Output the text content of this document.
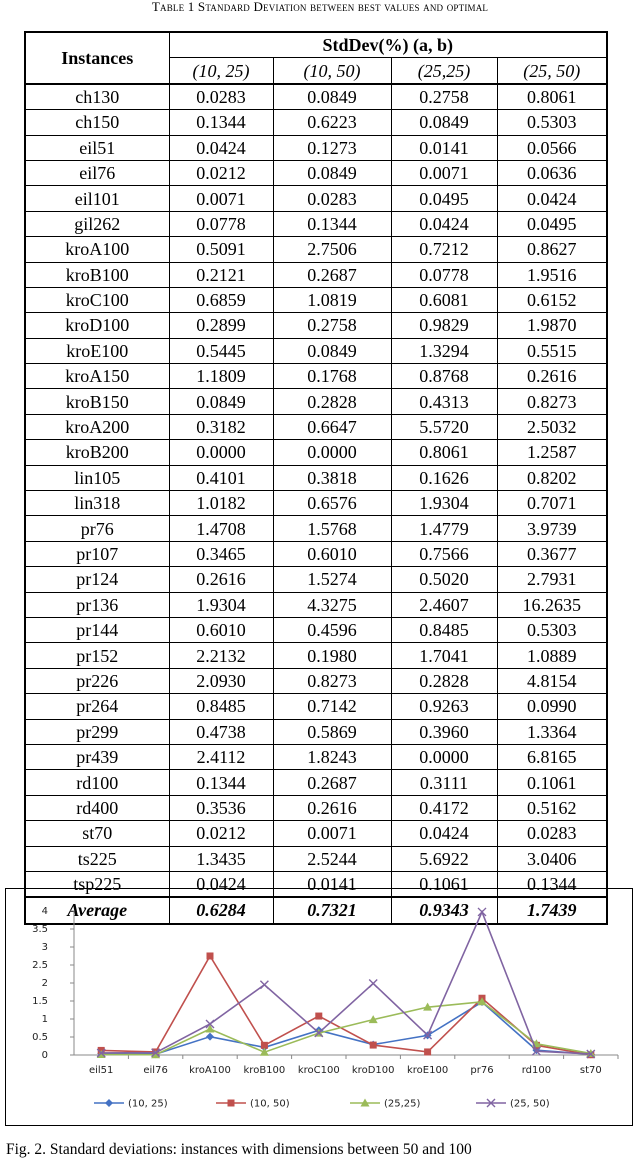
Table 1 Standard Deviation between best values and optimal
Instances	StdDev(%) (a, b)			
	(10, 25)	(10, 50)	(25,25)	(25, 50)
ch130	0.0283	0.0849	0.2758	0.8061
ch150	0.1344	0.6223	0.0849	0.5303
eil51	0.0424	0.1273	0.0141	0.0566
eil76	0.0212	0.0849	0.0071	0.0636
eil101	0.0071	0.0283	0.0495	0.0424
gil262	0.0778	0.1344	0.0424	0.0495
kroA100	0.5091	2.7506	0.7212	0.8627
kroB100	0.2121	0.2687	0.0778	1.9516
kroC100	0.6859	1.0819	0.6081	0.6152
kroD100	0.2899	0.2758	0.9829	1.9870
kroE100	0.5445	0.0849	1.3294	0.5515
kroA150	1.1809	0.1768	0.8768	0.2616
kroB150	0.0849	0.2828	0.4313	0.8273
kroA200	0.3182	0.6647	5.5720	2.5032
kroB200	0.0000	0.0000	0.8061	1.2587
lin105	0.4101	0.3818	0.1626	0.8202
lin318	1.0182	0.6576	1.9304	0.7071
pr76	1.4708	1.5768	1.4779	3.9739
pr107	0.3465	0.6010	0.7566	0.3677
pr124	0.2616	1.5274	0.5020	2.7931
pr136	1.9304	4.3275	2.4607	16.2635
pr144	0.6010	0.4596	0.8485	0.5303
pr152	2.2132	0.1980	1.7041	1.0889
pr226	2.0930	0.8273	0.2828	4.8154
pr264	0.8485	0.7142	0.9263	0.0990
pr299	0.4738	0.5869	0.3960	1.3364
pr439	2.4112	1.8243	0.0000	6.8165
rd100	0.1344	0.2687	0.3111	0.1061
rd400	0.3536	0.2616	0.4172	0.5162
st70	0.0212	0.0071	0.0424	0.0283
ts225	1.3435	2.5244	5.6922	3.0406
tsp225	0.0424	0.0141	0.1061	0.1344
Average	0.6284	0.7321	0.9343	1.7439
0
0.5
1
1.5
2
2.5
3
3.5
4
eil51	eil76 kroA100 kroB100 kroC100 kroD100 kroE100 pr76	rd100	st70
(10, 25)	(10, 50)	(25,25)	(25, 50)
Fig. 2. Standard deviations: instances with dimensions between 50 and 100
